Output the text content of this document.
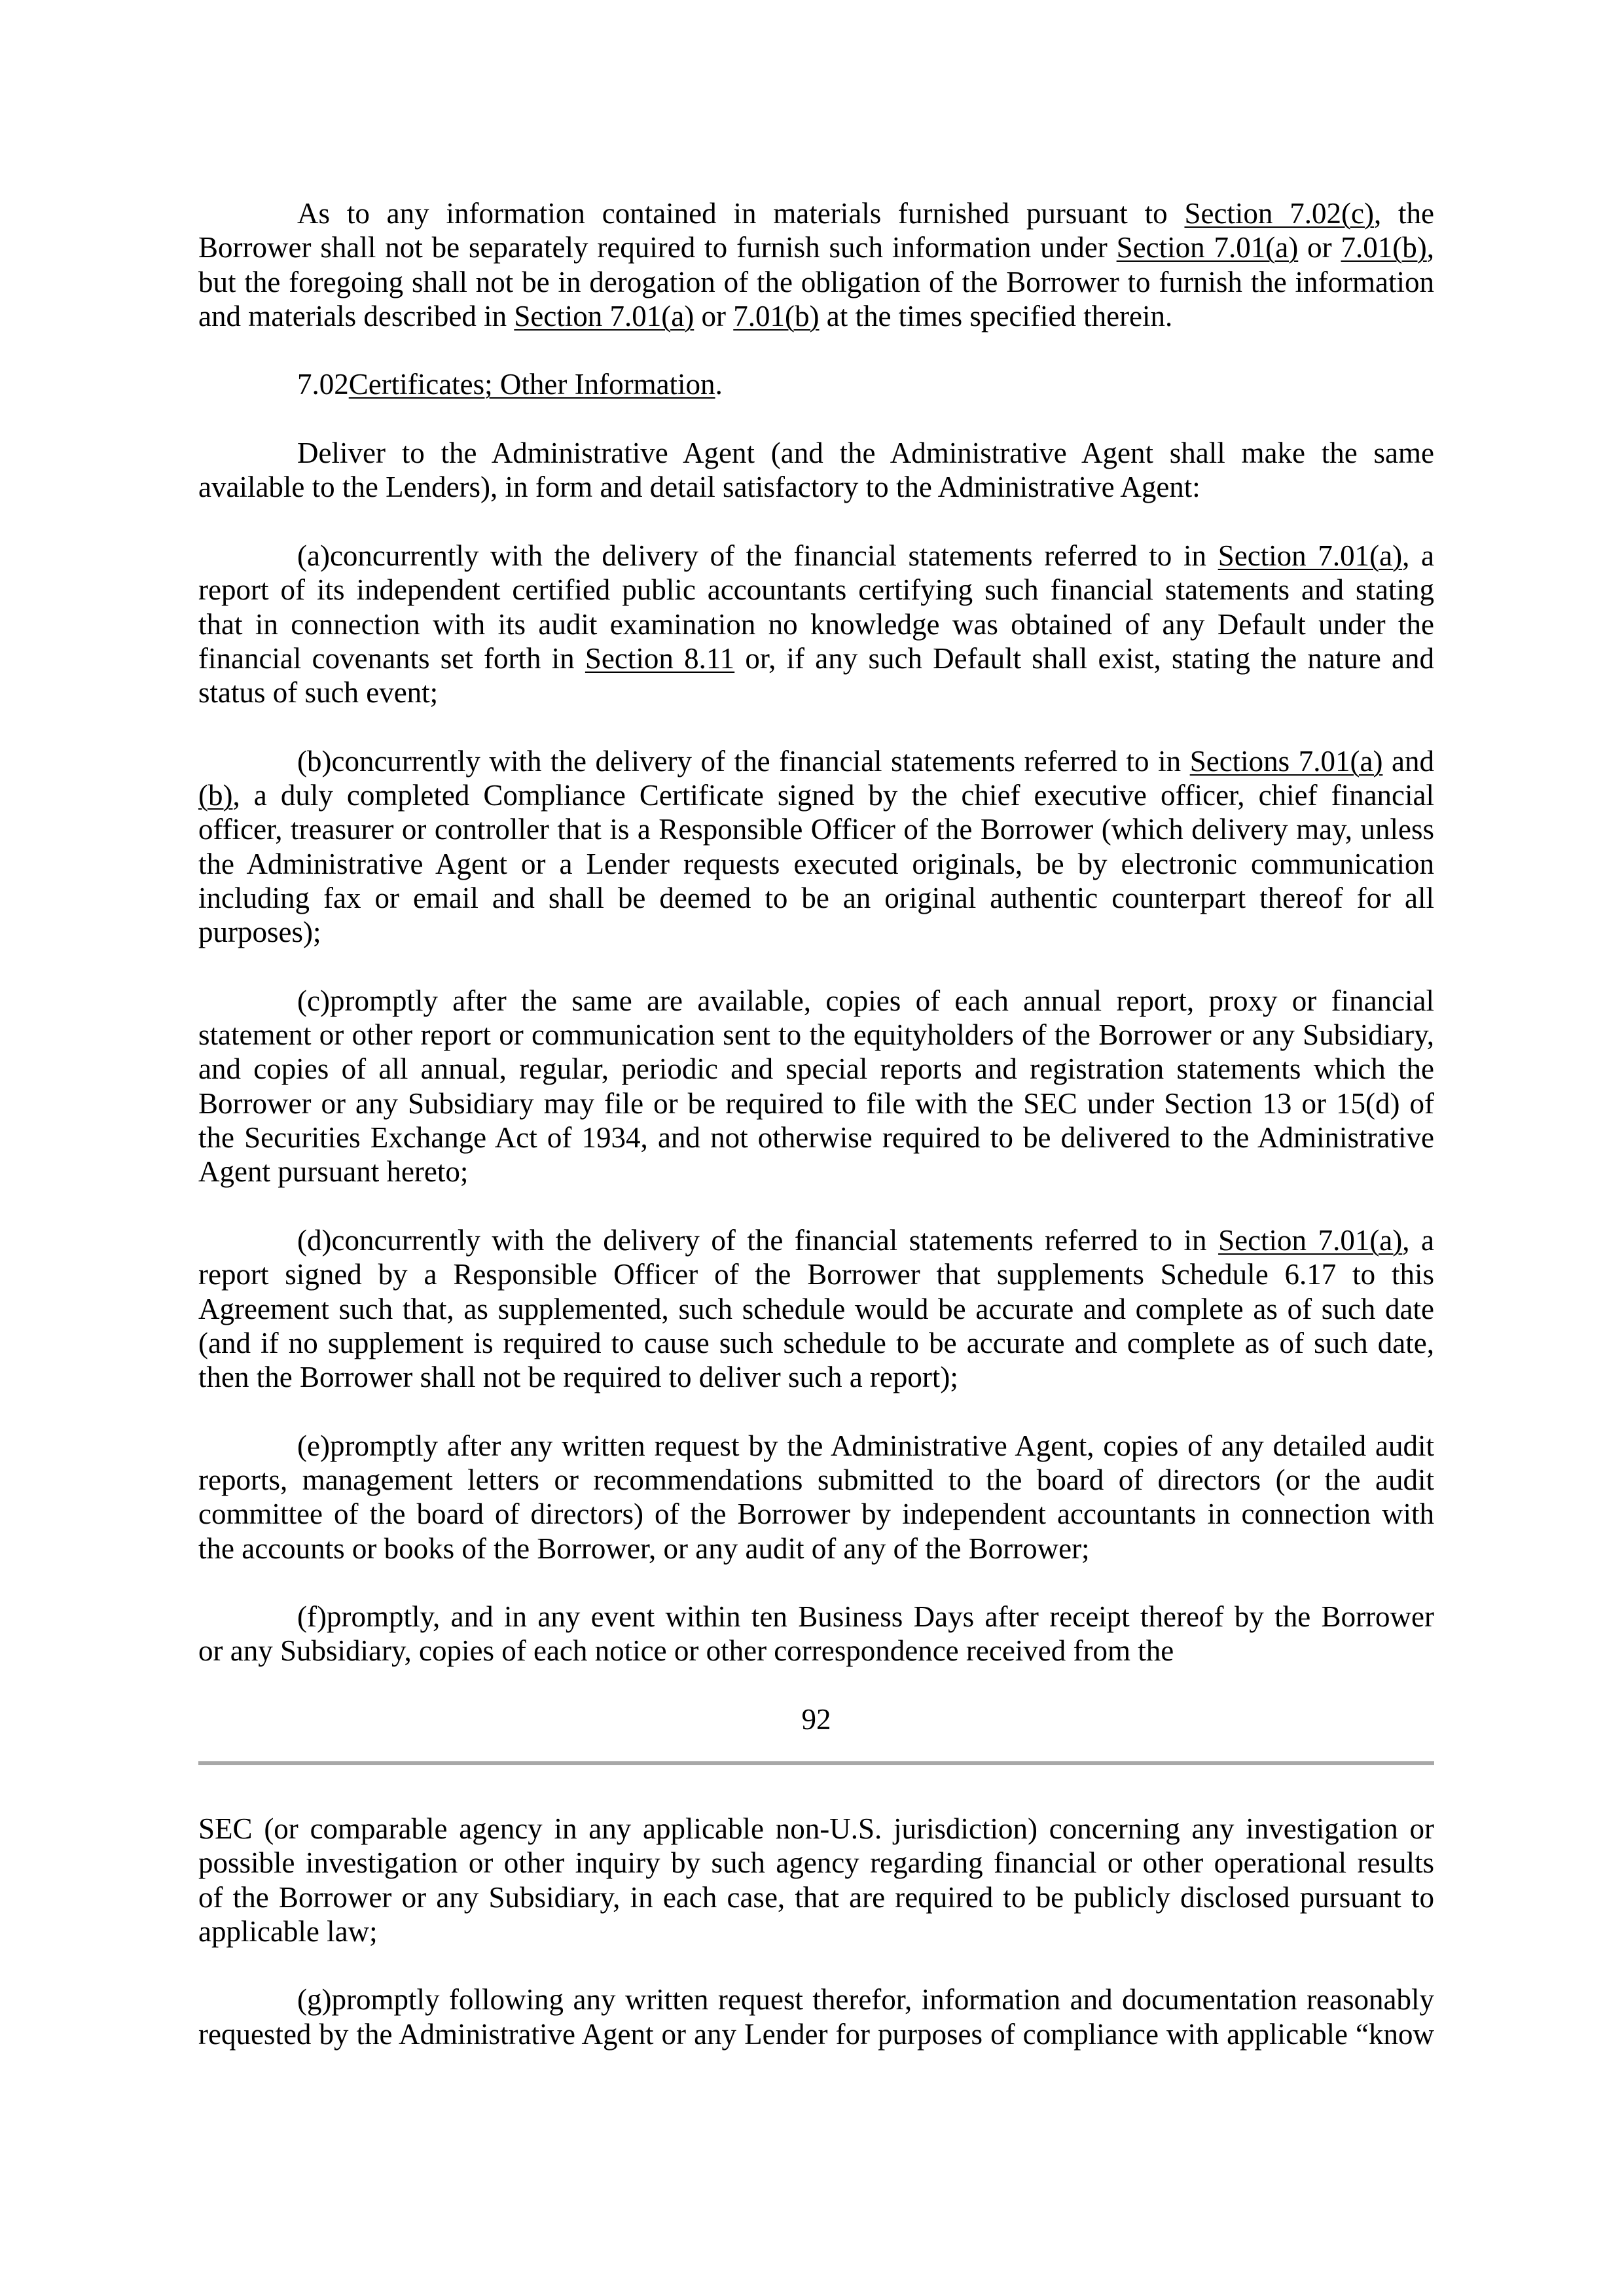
As to any information contained in materials furnished pursuant to Section 7.02(c), the
Borrower shall not be separately required to furnish such information under Section 7.01(a) or 7.01(b),
but the foregoing shall not be in derogation of the obligation of the Borrower to furnish the information
and materials described in Section 7.01(a) or 7.01(b) at the times specified therein.
7.02Certificates; Other Information.
Deliver to the Administrative Agent (and the Administrative Agent shall make the same
available to the Lenders), in form and detail satisfactory to the Administrative Agent:
(a)concurrently with the delivery of the financial statements referred to in Section 7.01(a), a
report of its independent certified public accountants certifying such financial statements and stating
that in connection with its audit examination no knowledge was obtained of any Default under the
financial covenants set forth in Section 8.11 or, if any such Default shall exist, stating the nature and
status of such event;
(b)concurrently with the delivery of the financial statements referred to in Sections 7.01(a) and
(b), a duly completed Compliance Certificate signed by the chief executive officer, chief financial
officer, treasurer or controller that is a Responsible Officer of the Borrower (which delivery may, unless
the Administrative Agent or a Lender requests executed originals, be by electronic communication
including fax or email and shall be deemed to be an original authentic counterpart thereof for all
purposes);
(c)promptly after the same are available, copies of each annual report, proxy or financial
statement or other report or communication sent to the equityholders of the Borrower or any Subsidiary,
and copies of all annual, regular, periodic and special reports and registration statements which the
Borrower or any Subsidiary may file or be required to file with the SEC under Section 13 or 15(d) of
the Securities Exchange Act of 1934, and not otherwise required to be delivered to the Administrative
Agent pursuant hereto;
(d)concurrently with the delivery of the financial statements referred to in Section 7.01(a), a
report signed by a Responsible Officer of the Borrower that supplements Schedule 6.17 to this
Agreement such that, as supplemented, such schedule would be accurate and complete as of such date
(and if no supplement is required to cause such schedule to be accurate and complete as of such date,
then the Borrower shall not be required to deliver such a report);
(e)promptly after any written request by the Administrative Agent, copies of any detailed audit
reports, management letters or recommendations submitted to the board of directors (or the audit
committee of the board of directors) of the Borrower by independent accountants in connection with
the accounts or books of the Borrower, or any audit of any of the Borrower;
(f)promptly, and in any event within ten Business Days after receipt thereof by the Borrower
or any Subsidiary, copies of each notice or other correspondence received from the
92
SEC (or comparable agency in any applicable non-U.S. jurisdiction) concerning any investigation or
possible investigation or other inquiry by such agency regarding financial or other operational results
of the Borrower or any Subsidiary, in each case, that are required to be publicly disclosed pursuant to
applicable law;
(g)promptly following any written request therefor, information and documentation reasonably
requested by the Administrative Agent or any Lender for purposes of compliance with applicable “know
